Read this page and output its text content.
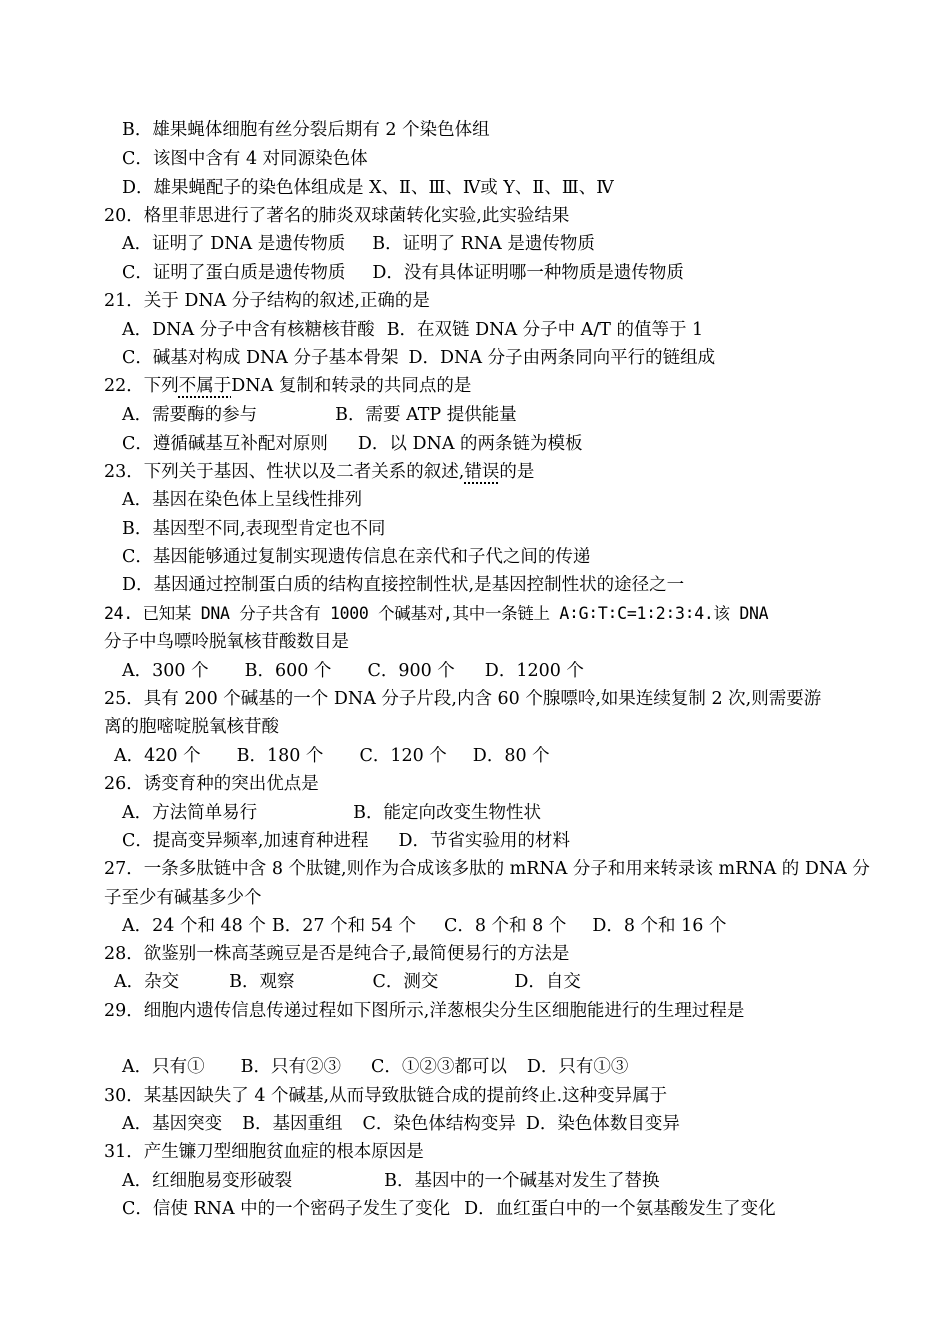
B．雄果蝇体细胞有丝分裂后期有 2 个染色体组
C．该图中含有 4 对同源染色体
D．雄果蝇配子的染色体组成是 X、Ⅱ、Ⅲ、Ⅳ或 Y、Ⅱ、Ⅲ、Ⅳ
20．格里菲思进行了著名的肺炎双球菌转化实验,此实验结果
A．证明了 DNA 是遗传物质 B．证明了 RNA 是遗传物质
C．证明了蛋白质是遗传物质 D．没有具体证明哪一种物质是遗传物质
21．关于 DNA 分子结构的叙述,正确的是
A．DNA 分子中含有核糖核苷酸 B．在双链 DNA 分子中 A/T 的值等于 1
C．碱基对构成 DNA 分子基本骨架 D．DNA 分子由两条同向平行的链组成
22．下列不属于DNA 复制和转录的共同点的是
A．需要酶的参与	B．需要 ATP 提供能量
C．遵循碱基互补配对原则 D．以 DNA 的两条链为模板
23．下列关于基因、性状以及二者关系的叙述,错误的是
A．基因在染色体上呈线性排列
B．基因型不同,表现型肯定也不同
C．基因能够通过复制实现遗传信息在亲代和子代之间的传递
D．基因通过控制蛋白质的结构直接控制性状,是基因控制性状的途径之一
24. 已知某 DNA 分子共含有 1000 个碱基对,其中一条链上 A∶G∶T∶C=1∶2∶3∶4.该 DNA
分子中鸟嘌呤脱氧核苷酸数目是
A．300 个 B．600 个 C．900 个 D．1200 个
25．具有 200 个碱基的一个 DNA 分子片段,内含 60 个腺嘌呤,如果连续复制 2 次,则需要游
离的胞嘧啶脱氧核苷酸
A．420 个 B．180 个 C．120 个 D．80 个
26．诱变育种的突出优点是
A．方法简单易行	B．能定向改变生物性状
C．提高变异频率,加速育种进程 D．节省实验用的材料
27．一条多肽链中含 8 个肽键,则作为合成该多肽的 mRNA 分子和用来转录该 mRNA 的 DNA 分
子至少有碱基多少个
A．24 个和 48 个 B．27 个和 54 个 C．8 个和 8 个 D．8 个和 16 个
28．欲鉴别一株高茎豌豆是否是纯合子,最简便易行的方法是
A．杂交	B．观察	C．测交	D．自交
29．细胞内遗传信息传递过程如下图所示,洋葱根尖分生区细胞能进行的生理过程是
A．只有① B．只有②③ C．①②③都可以 D．只有①③
30．某基因缺失了 4 个碱基,从而导致肽链合成的提前终止.这种变异属于
A．基因突变 B．基因重组 C．染色体结构变异 D．染色体数目变异
31．产生镰刀型细胞贫血症的根本原因是
A．红细胞易变形破裂	B．基因中的一个碱基对发生了替换
C．信使 RNA 中的一个密码子发生了变化 D．血红蛋白中的一个氨基酸发生了变化
